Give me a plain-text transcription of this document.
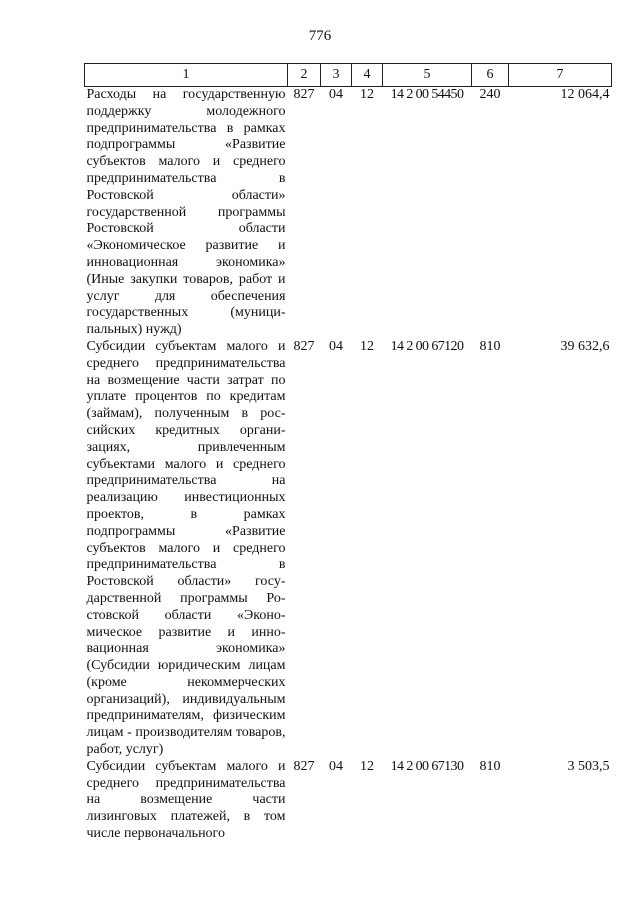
776
1	2	3	4	5	6	7
Расходы на государственную поддержку молодежного предпринимательства в рамках подпрограммы «Развитие субъектов малого и среднего предпринимательства в Ростовской области» государственной программы Ростовской области «Экономическое развитие и инновационная экономика» (Иные закупки товаров, работ и услуг для обеспечения государственных (муниципальных) нужд)	827	04	12	14 2 00 54450	240	12 064,4
Субсидии субъектам малого и среднего предпринимательства на возмещение части затрат по уплате процентов по кредитам (займам), полученным в российских кредитных организациях, привлеченным субъектами малого и среднего предпринимательства на реализацию инвестиционных проектов, в рамках подпрограммы «Развитие субъектов малого и среднего предпринимательства в Ростовской области» государственной программы Ростовской области «Экономическое развитие и инновационная экономика» (Субсидии юридическим лицам (кроме некоммерческих организаций), индивидуальным предпринимателям, физическим лицам - производителям товаров, работ, услуг)	827	04	12	14 2 00 67120	810	39 632,6
Субсидии субъектам малого и среднего предпринимательства на возмещение части лизинговых платежей, в том числе первоначального	827	04	12	14 2 00 67130	810	3 503,5
